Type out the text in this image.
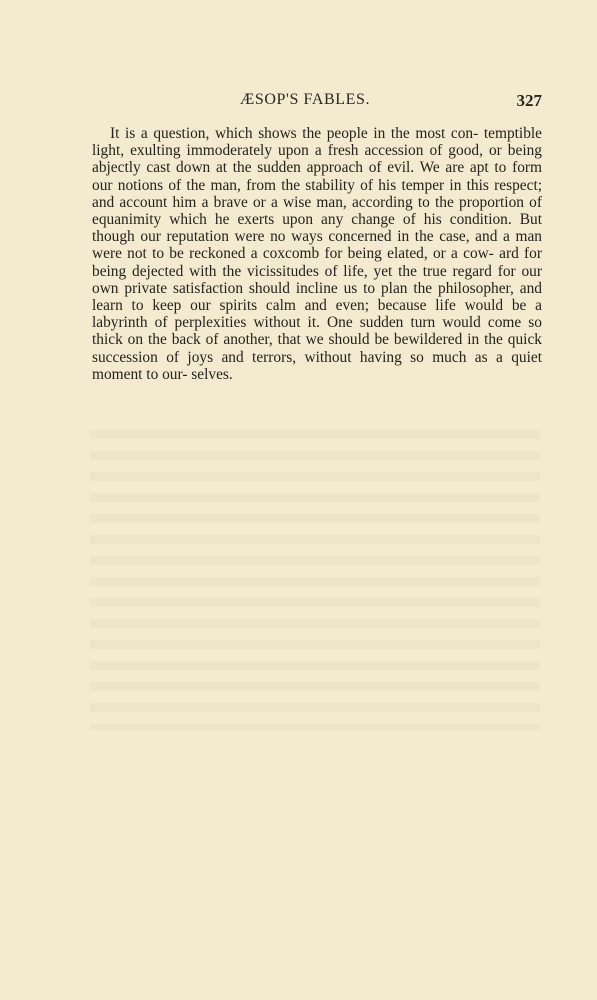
ÆSOP'S FABLES.	327

It is a question, which shows the people in the most con- temptible light, exulting immoderately upon a fresh accession of good, or being abjectly cast down at the sudden approach of evil. We are apt to form our notions of the man, from the stability of his temper in this respect; and account him a brave or a wise man, according to the proportion of equanimity which he exerts upon any change of his condition. But though our reputation were no ways concerned in the case, and a man were not to be reckoned a coxcomb for being elated, or a cow- ard for being dejected with the vicissitudes of life, yet the true regard for our own private satisfaction should incline us to plan the philosopher, and learn to keep our spirits calm and even; because life would be a labyrinth of perplexities without it. One sudden turn would come so thick on the back of another, that we should be bewildered in the quick succession of joys and terrors, without having so much as a quiet moment to our- selves.
